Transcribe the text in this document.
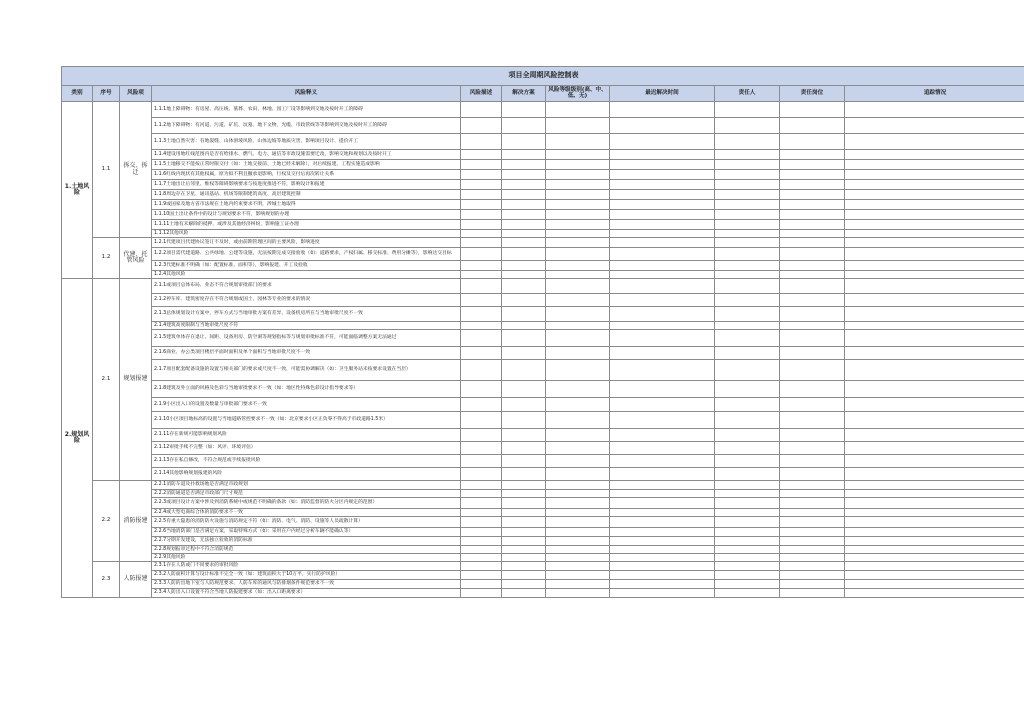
项目全周期风险控制表										
类别	序号	风险项	风险释义	风险描述	解决方案	风险等级级别(高、中、低、无)	最迟解决时间	责任人	责任岗位	追踪情况
1.土地风险	1.1	拆交、拆迁	1.1.1地上障碍物：有房屋、高压线、墓葬、农田、林地、园工厂设等影响到交地及按时开工的障碍							
			1.1.2地下障碍物：有河道、污道、矿坑、坟墓、地下文物、光缆、市政管线等等影响到交地及按时开工的障碍							
			1.1.3土地自然灾害：有地裂缝、山体滑坡风险、山体边坡等地质灾害，影响项目设计、提价开工							
			1.1.4建设用地红线范围内是否有给排水、燃气、电力、通信等市政设施需要迁改，影响交地和规划以及按时开工							
			1.1.5土地移交不能按正常时限交付（如：土地交接前、土地已经未解除），对后续报建、工程实施造成影响							
			1.1.6红线内现状有其他权属，原为拟不利且撤承退影响，行权及交付后再次转让关系							
			1.1.7土地出让后邻里、维权等障碍影响要求与按进度推进不符，影响设计和报建							
			1.1.8周边存在卫星、通讯基站、机场等限制建筑高度、高层建筑控制							
			1.1.9或国家及地方省市法规在土地内约束要求不明，涉城土地取得							
			1.1.10国土出让条件中的设计与规划要求不符，影响规划的办理							
			1.1.11土地有未解除的抵押、或涉及其他经济纠纷，影响施工证办理							
			1.1.12其他风险							
	1.2	代建、托管风险	1.2.1代建项目代建协议签订不及时，或由前期管理区间的主要风险，影响进度							
			1.2.2项目需代建道路、公共绿地、公建等设施，无法按期完成交接验收（如：道路要求，产权归属、移交标准、费用分摊等），影响达交目标							
			1.2.3代建标准不明确（如：配置标准、面积等），影响报建、开工及验收							
			1.2.4其他风险							
2.规划风险	2.1	规划报建	2.1.1或项目总体布局、业态不符合规划审批部门的要求							
			2.1.2停车库、建筑密度存在不符合规划或国土、园林等专业的要求的情况							
			2.1.3总体规划设计方案中，停车方式与当地审批方案有差异，设备机房所在与当地审批尺度不一致							
			2.1.4建筑高度限制与当地审批尺度不符							
			2.1.5建筑单体存在退让、间距、设备用房、防空洞等规划指标等与规划审批标准不符，可能面临调整方案无法通过							
			2.1.6商业、办公类项目楼层平面时面积及单个面积与当地审批尺度不一致							
			2.1.7项目配套配备设施的设置与相关部门的要求或尺度不一致，可能需协调解决（如：卫生服务站未按要求设置在当层）							
			2.1.8建筑及外立面的风格及色彩与当地审批要求不一致（如：地区性特殊色彩设计指导要求等）							
			2.1.9小区出入口的设置及数量与审批部门要求不一致							
			2.1.10小区项目地标高的设置与当地道路管控要求不一致（如：北京要求小区正负零不得高于市政道路1.5米）							
			2.1.11存在新规可能影响规划风险							
			2.1.12审批手续不完整（如：风评、环境评估）							
			2.1.13存在私自修改，不符合规范或手续报批风险							
			2.1.14其他影响规划报建的风险							
	2.2	消防报建	2.2.1消防车道及扑救场地是否满足市政规划							
			2.2.2消防通道是否满足市政部门尺寸规范							
			2.2.3或项目设计方案中涉及到消防系统中或规范不明确的条款（如：消防监督的防火分区内规定的范围）							
			2.2.4或大型电商综合体的消防要求不一致							
			2.2.5有重大隐患的消防防火设施与消防规定不符（如：消防、电气、消防、设施等人员疏散计算）							
			2.2.6当地消防部门是否满足方案，采取特殊方式（如：采用在户内经过分析车辆不能确认等）							
			2.2.7分期开发建设，无法独立验收的消防标准							
			2.2.8规划报审过程中不符合消防规范							
			2.2.9其他风险							
	2.3	人防报建	2.3.1存在人防或门不同要求的审批风险							
			2.3.2人防面积计算与设计标准不完全一致（如：建筑面积大于10万平，实行防护风险）							
			2.3.3人防的出地下室与人防规范要求、人防车库的通风与防排烟条件规范要求不一致							
			2.3.4人防出入口设置不符合当地人防报建要求（如：出入口距离要求）							
